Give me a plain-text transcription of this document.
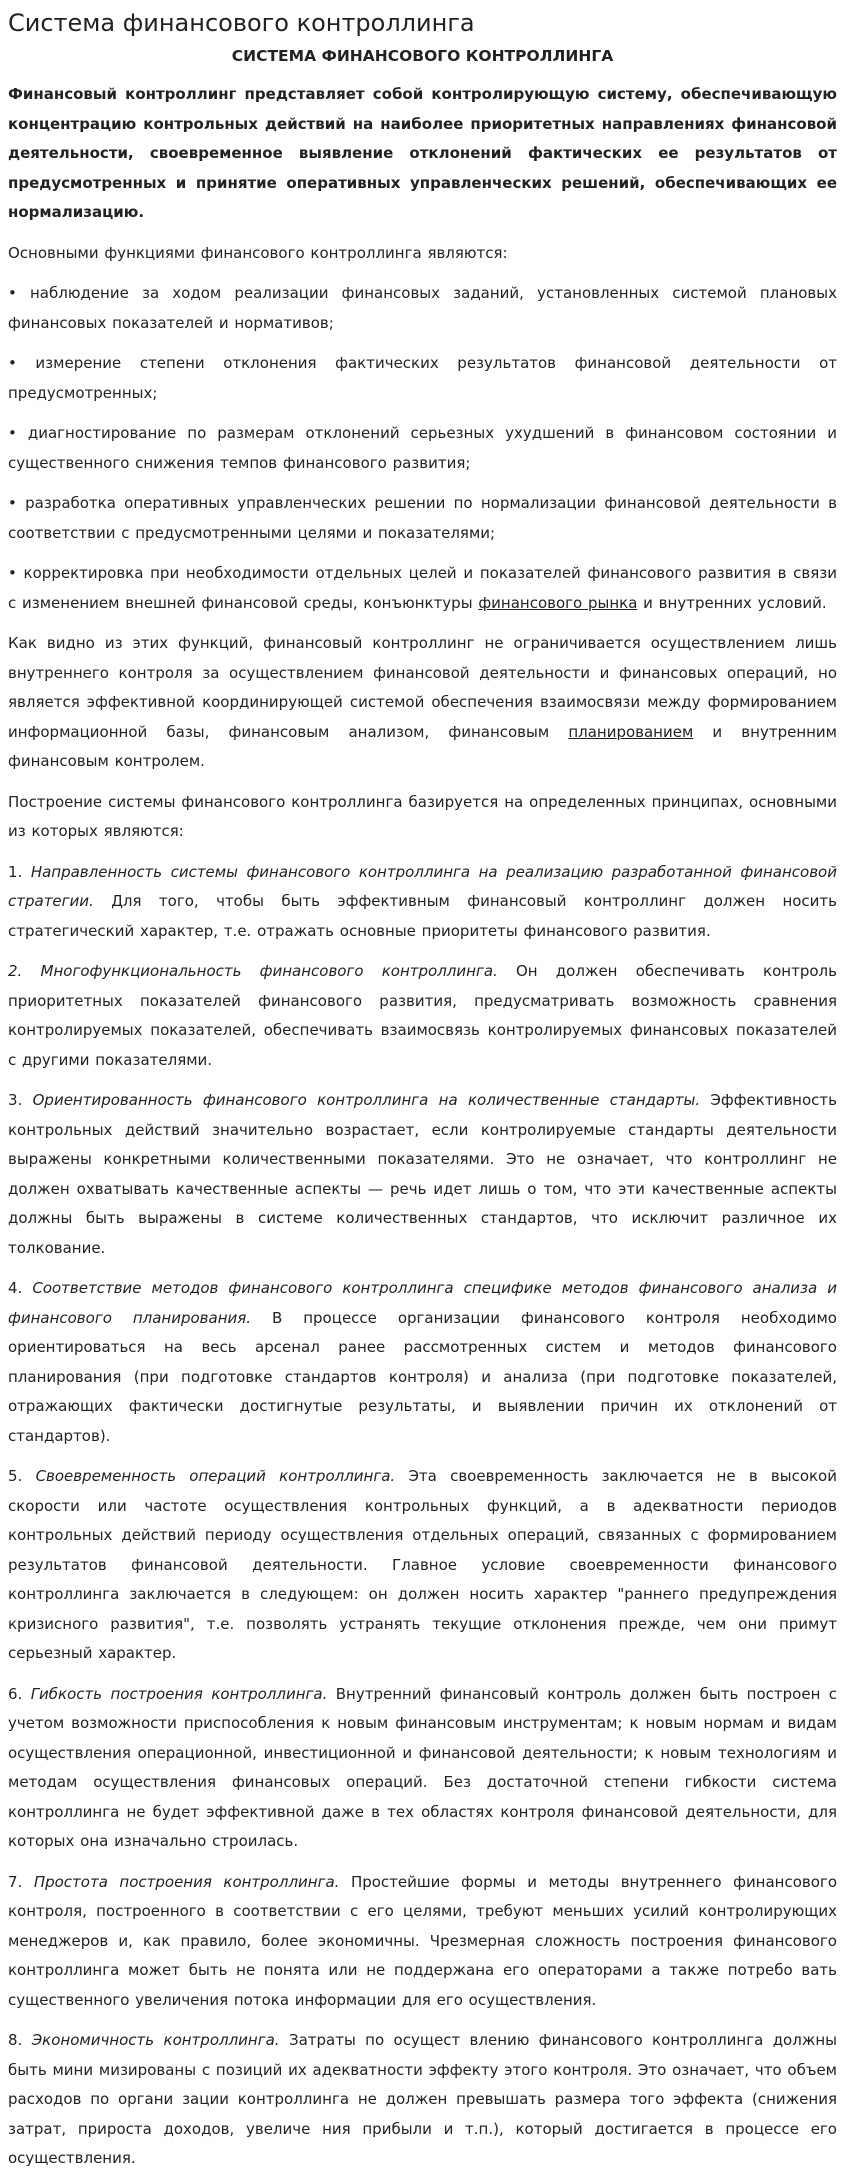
Система финансового контроллинга
СИСТЕМА ФИНАНСОВОГО КОНТРОЛЛИНГА

Финансовый контроллинг представляет собой контролирующую систему, обеспечивающую концентрацию контрольных действий на наиболее приоритетных направлениях финансовой деятельности, своевременное выявление отклонений фактических ее результатов от предусмотренных и принятие оперативных управленческих решений, обеспечивающих ее нормализацию.

Основными функциями финансового контроллинга являются:

• наблюдение за ходом реализации финансовых заданий, установленных системой плановых финансовых показателей и нормативов;

• измерение степени отклонения фактических результатов финансовой деятельности от предусмотренных;

• диагностирование по размерам отклонений серьезных ухудшений в финансовом состоянии и существенного снижения темпов финансового развития;

• разработка оперативных управленческих решении по нормализации финансовой деятельности в соответствии с предусмотренными целями и показателями;

• корректировка при необходимости отдельных целей и показателей финансового развития в связи с изменением внешней финансовой среды, конъюнктуры финансового рынка и внутренних условий.

Как видно из этих функций, финансовый контроллинг не ограничивается осуществлением лишь внутреннего контроля за осуществлением финансовой деятельности и финансовых операций, но является эффективной координирующей системой обеспечения взаимосвязи между формированием информационной базы, финансовым анализом, финансовым планированием и внутренним финансовым контролем.

Построение системы финансового контроллинга базируется на определенных принципах, основными из которых являются:

1. Направленность системы финансового контроллинга на реализацию разработанной финансовой стратегии. Для того, чтобы быть эффективным финансовый контроллинг должен носить стратегический характер, т.е. отражать основные приоритеты финансового развития.

2. Многофункциональность финансового контроллинга. Он должен обеспечивать контроль приоритетных показателей финансового развития, предусматривать возможность сравнения контролируемых показателей, обеспечивать взаимосвязь контролируемых финансовых показателей с другими показателями.

3. Ориентированность финансового контроллинга на количественные стандарты. Эффективность контрольных действий значительно возрастает, если контролируемые стандарты деятельности выражены конкретными количественными показателями. Это не означает, что контроллинг не должен охватывать качественные аспекты — речь идет лишь о том, что эти качественные аспекты должны быть выражены в системе количественных стандартов, что исключит различное их толкование.

4. Соответствие методов финансового контроллинга специфике методов финансового анализа и финансового планирования. В процессе организации финансового контроля необходимо ориентироваться на весь арсенал ранее рассмотренных систем и методов финансового планирования (при подготовке стандартов контроля) и анализа (при подготовке показателей, отражающих фактически достигнутые результаты, и выявлении причин их отклонений от стандартов).

5. Своевременность операций контроллинга. Эта своевременность заключается не в высокой скорости или частоте осуществления контрольных функций, а в адекватности периодов контрольных действий периоду осуществления отдельных операций, связанных с формированием результатов финансовой деятельности. Главное условие своевременности финансового контроллинга заключается в следующем: он должен носить характер "раннего предупреждения кризисного развития", т.е. позволять устранять текущие отклонения прежде, чем они примут серьезный характер.

6. Гибкость построения контроллинга. Внутренний финансовый контроль должен быть построен с учетом возможности приспособления к новым финансовым инструментам; к новым нормам и видам осуществления операционной, инвестиционной и финансовой деятельности; к новым технологиям и методам осуществления финансовых операций. Без достаточной степени гибкости система контроллинга не будет эффективной даже в тех областях контроля финансовой деятельности, для которых она изначально строилась.

7. Простота построения контроллинга. Простейшие формы и методы внутреннего финансового контроля, построенного в соответствии с его целями, требуют меньших усилий контролирующих менеджеров и, как правило, более экономичны. Чрезмерная сложность построения финансового контроллинга может быть не понята или не поддержана его операторами а также потребо вать существенного увеличения потока информации для его осуществления.

8. Экономичность контроллинга. Затраты по осущест влению финансового контроллинга должны быть мини мизированы с позиций их адекватности эффекту этого контроля. Это означает, что объем расходов по органи зации контроллинга не должен превышать размера того эффекта (снижения затрат, прироста доходов, увеличе ния прибыли и т.п.), который достигается в процессе его осуществления.
